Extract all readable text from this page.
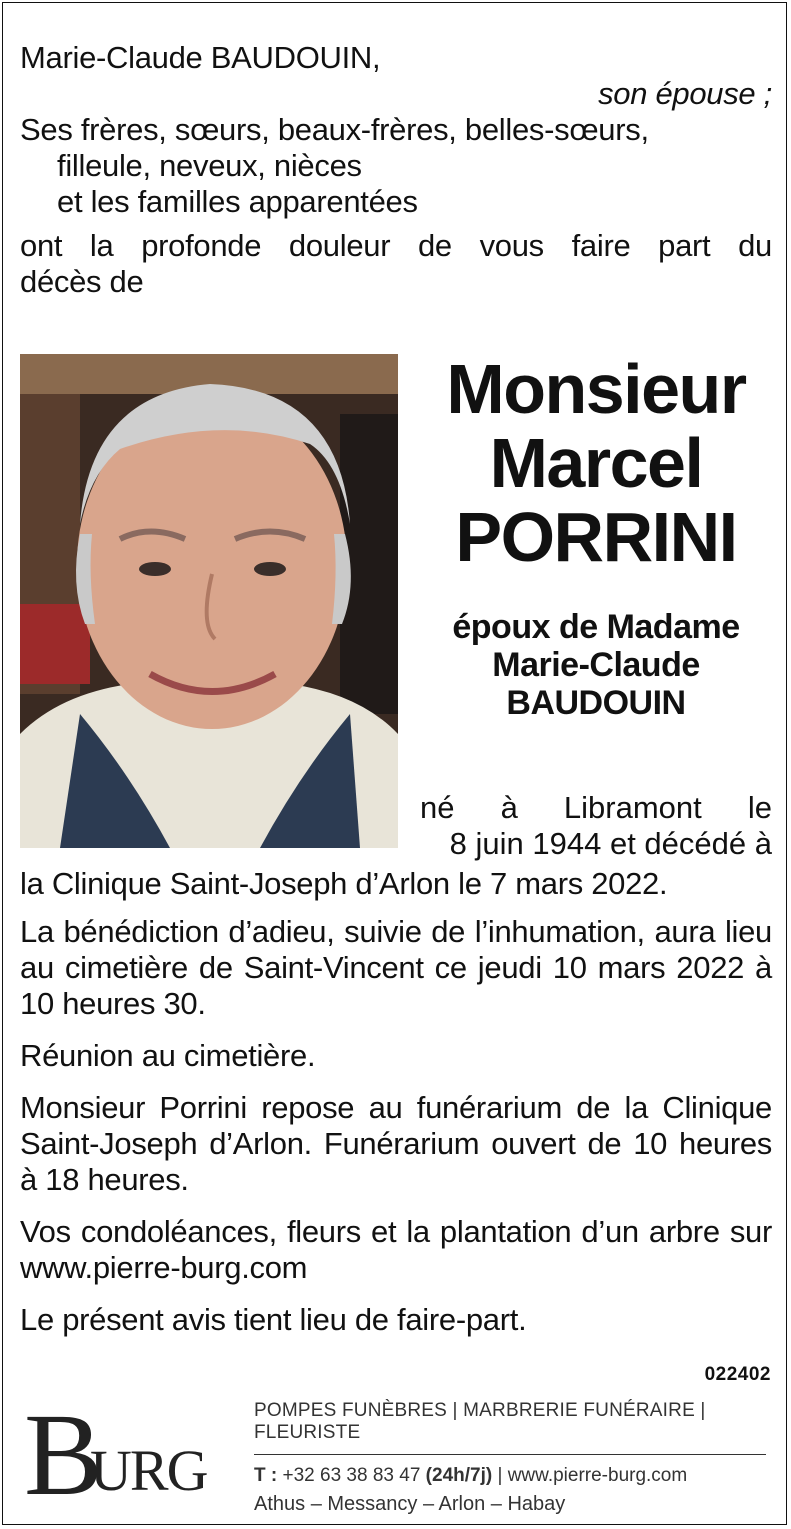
Marie-Claude BAUDOUIN,
son épouse ;
Ses frères, sœurs, beaux-frères, belles-sœurs,
filleule, neveux, nièces
et les familles apparentées
ont la profonde douleur de vous faire part du
décès de
Monsieur
Marcel
PORRINI
époux de Madame
Marie-Claude
BAUDOUIN
né à Libramont le
8 juin 1944 et décédé à
la Clinique Saint-Joseph d’Arlon le 7 mars 2022.
La bénédiction d’adieu, suivie de l’inhumation, aura lieu au cimetière de Saint-Vincent ce jeudi 10 mars 2022 à 10 heures 30.
Réunion au cimetière.
Monsieur Porrini repose au funérarium de la Clinique Saint-Joseph d’Arlon. Funérarium ouvert de 10 heures à 18 heures.
Vos condoléances, fleurs et la plantation d’un arbre sur www.pierre-burg.com
Le présent avis tient lieu de faire-part.
022402
B
URG
POMPES FUNÈBRES | MARBRERIE FUNÉRAIRE | FLEURISTE
T : +32 63 38 83 47 (24h/7j) | www.pierre-burg.com
Athus – Messancy – Arlon – Habay
